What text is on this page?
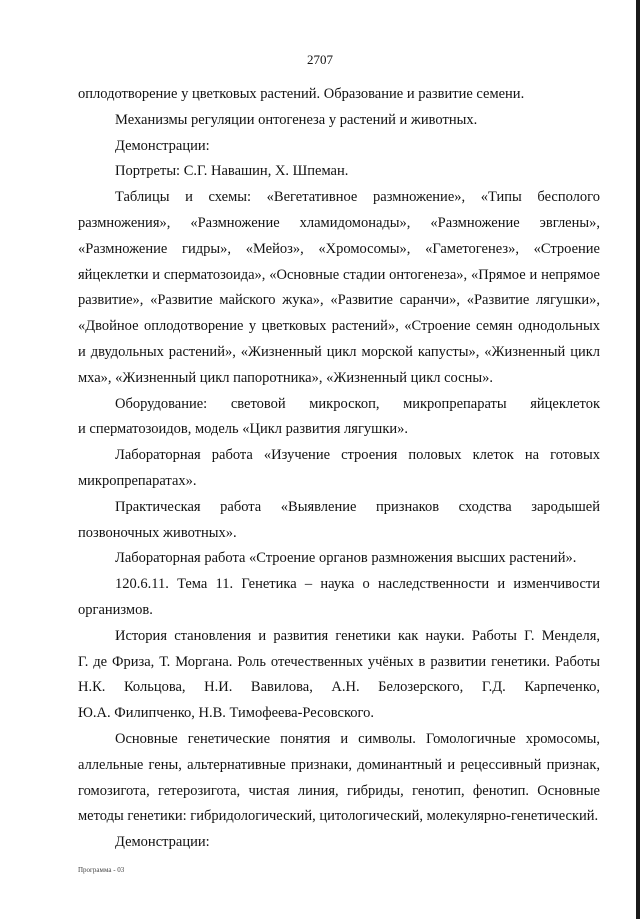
2707

оплодотворение у цветковых растений. Образование и развитие семени.

Механизмы регуляции онтогенеза у растений и животных.

Демонстрации:

Портреты: С.Г. Навашин, Х. Шпеман.

Таблицы и схемы: «Вегетативное размножение», «Типы бесполого
размножения», «Размножение хламидомонады», «Размножение эвглены»,
«Размножение гидры», «Мейоз», «Хромосомы», «Гаметогенез», «Строение
яйцеклетки и сперматозоида», «Основные стадии онтогенеза», «Прямое и непрямое
развитие», «Развитие майского жука», «Развитие саранчи», «Развитие лягушки»,
«Двойное оплодотворение у цветковых растений», «Строение семян однодольных
и двудольных растений», «Жизненный цикл морской капусты», «Жизненный цикл
мха», «Жизненный цикл папоротника», «Жизненный цикл сосны».

Оборудование: световой микроскоп, микропрепараты яйцеклеток
и сперматозоидов, модель «Цикл развития лягушки».

Лабораторная работа «Изучение строения половых клеток на готовых
микропрепаратах».

Практическая работа «Выявление признаков сходства зародышей
позвоночных животных».

Лабораторная работа «Строение органов размножения высших растений».

120.6.11. Тема 11. Генетика – наука о наследственности и изменчивости
организмов.

История становления и развития генетики как науки. Работы Г. Менделя,
Г. де Фриза, Т. Моргана. Роль отечественных учёных в развитии генетики. Работы
Н.К. Кольцова, Н.И. Вавилова, А.Н. Белозерского, Г.Д. Карпеченко,
Ю.А. Филипченко, Н.В. Тимофеева-Ресовского.

Основные генетические понятия и символы. Гомологичные хромосомы,
аллельные гены, альтернативные признаки, доминантный и рецессивный признак,
гомозигота, гетерозигота, чистая линия, гибриды, генотип, фенотип. Основные
методы генетики: гибридологический, цитологический, молекулярно-генетический.

Демонстрации:

Программа - 03
